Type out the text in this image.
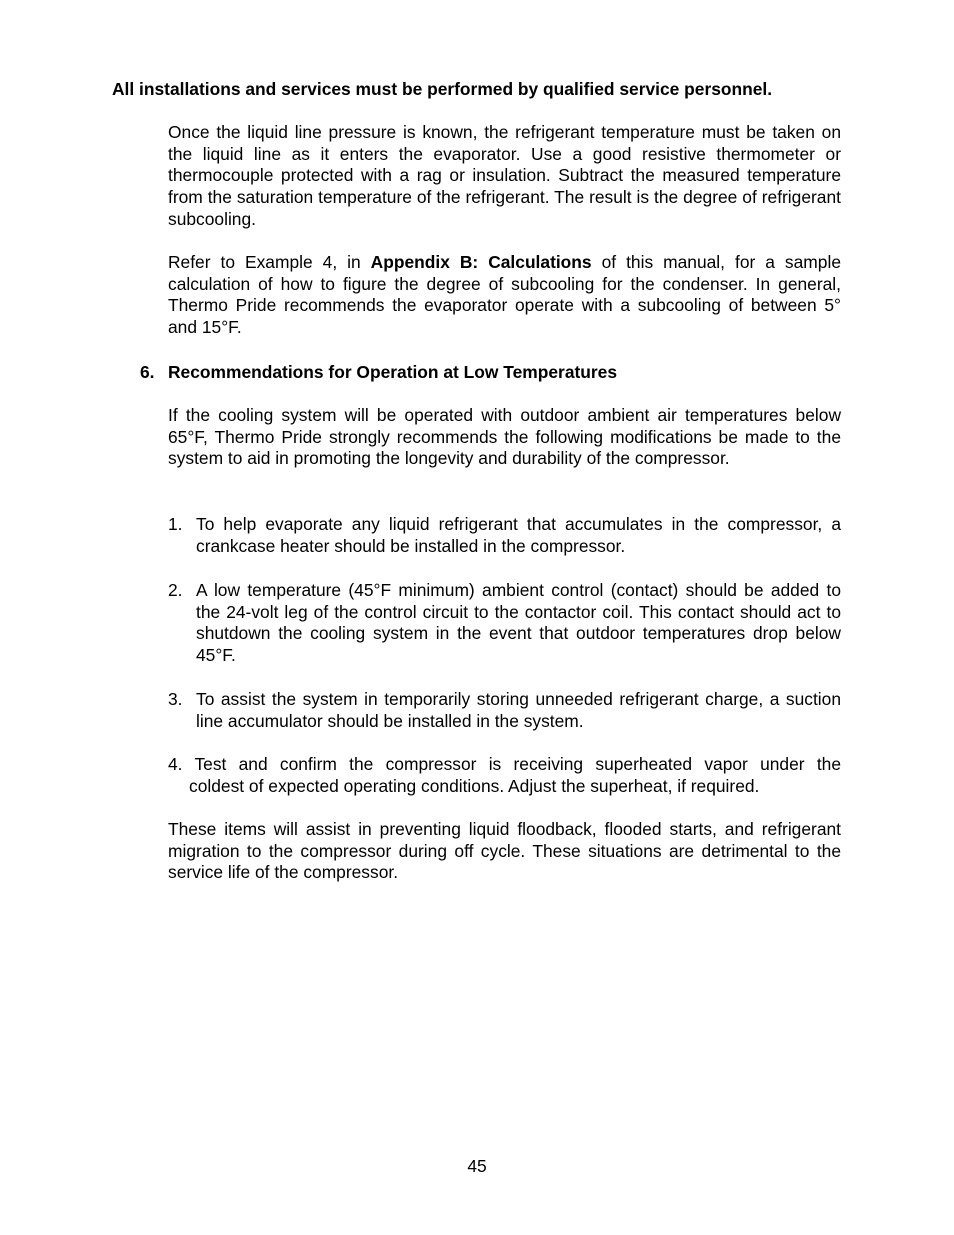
All installations and services must be performed by qualified service personnel.

Once the liquid line pressure is known, the refrigerant temperature must be taken on the liquid line as it enters the evaporator. Use a good resistive thermometer or thermocouple protected with a rag or insulation. Subtract the measured temperature from the saturation temperature of the refrigerant. The result is the degree of refrigerant subcooling.

Refer to Example 4, in Appendix B: Calculations of this manual, for a sample calculation of how to figure the degree of subcooling for the condenser. In general, Thermo Pride recommends the evaporator operate with a subcooling of between 5° and 15°F.

6. Recommendations for Operation at Low Temperatures

If the cooling system will be operated with outdoor ambient air temperatures below 65°F, Thermo Pride strongly recommends the following modifications be made to the system to aid in promoting the longevity and durability of the compressor.

1. To help evaporate any liquid refrigerant that accumulates in the compressor, a crankcase heater should be installed in the compressor.
2. A low temperature (45°F minimum) ambient control (contact) should be added to the 24-volt leg of the control circuit to the contactor coil. This contact should act to shutdown the cooling system in the event that outdoor temperatures drop below 45°F.
3. To assist the system in temporarily storing unneeded refrigerant charge, a suction line accumulator should be installed in the system.
4. Test and confirm the compressor is receiving superheated vapor under the
coldest of expected operating conditions. Adjust the superheat, if required.

These items will assist in preventing liquid floodback, flooded starts, and refrigerant migration to the compressor during off cycle. These situations are detrimental to the service life of the compressor.

45
